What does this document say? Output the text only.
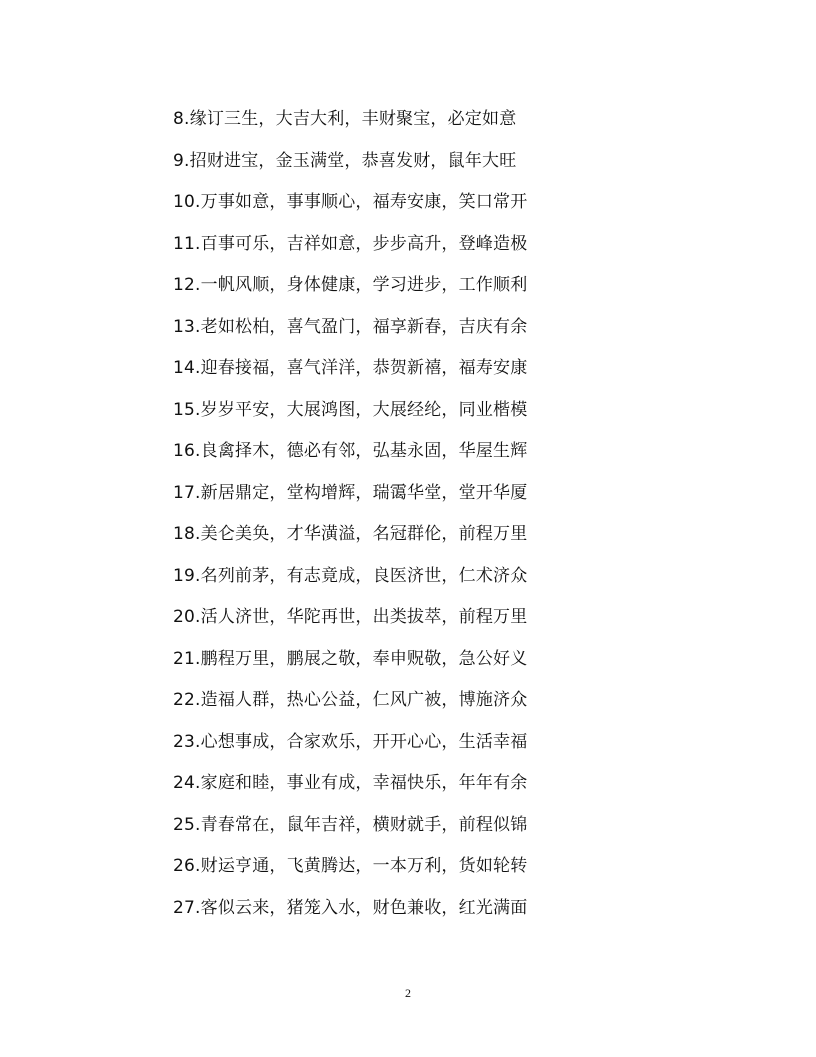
8.缘订三生，大吉大利，丰财聚宝，必定如意
9.招财进宝，金玉满堂，恭喜发财，鼠年大旺
10.万事如意，事事顺心，福寿安康，笑口常开
11.百事可乐，吉祥如意，步步高升，登峰造极
12.一帆风顺，身体健康，学习进步，工作顺利
13.老如松柏，喜气盈门，福享新春，吉庆有余
14.迎春接福，喜气洋洋，恭贺新禧，福寿安康
15.岁岁平安，大展鸿图，大展经纶，同业楷模
16.良禽择木，德必有邻，弘基永固，华屋生辉
17.新居鼎定，堂构增辉，瑞霭华堂，堂开华厦
18.美仑美奂，才华潢溢，名冠群伦，前程万里
19.名列前茅，有志竟成，良医济世，仁术济众
20.活人济世，华陀再世，出类拔萃，前程万里
21.鹏程万里，鹏展之敬，奉申贶敬，急公好义
22.造福人群，热心公益，仁风广被，博施济众
23.心想事成，合家欢乐，开开心心，生活幸福
24.家庭和睦，事业有成，幸福快乐，年年有余
25.青春常在，鼠年吉祥，横财就手，前程似锦
26.财运亨通，飞黄腾达，一本万利，货如轮转
27.客似云来，猪笼入水，财色兼收，红光满面
2
